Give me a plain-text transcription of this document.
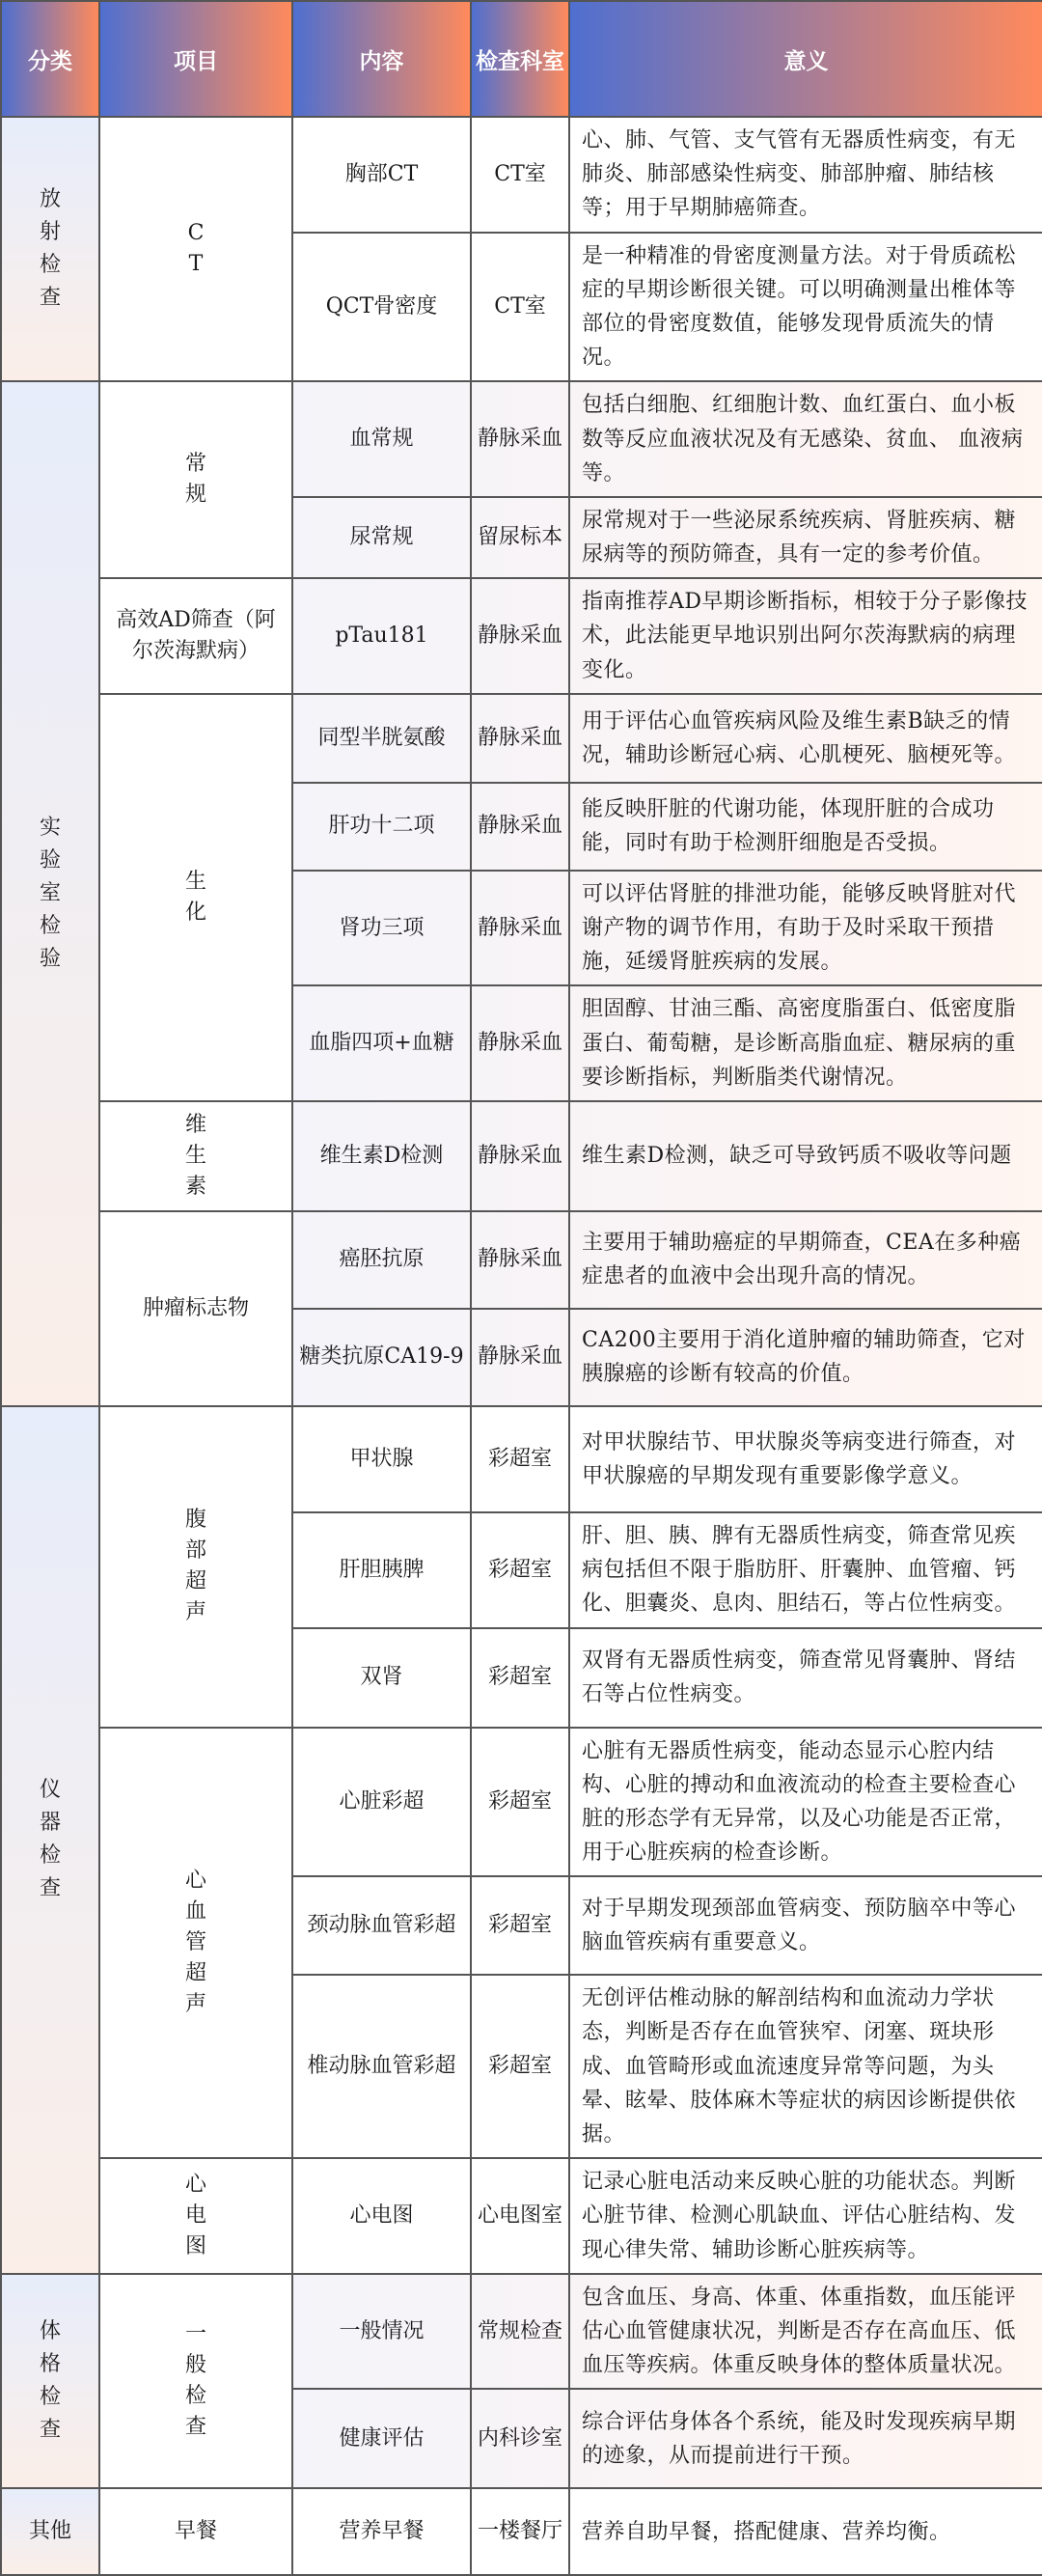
分类	项目	内容	检查科室	意义
放射检查	CT	胸部CT	CT室	心、肺、气管、支气管有无器质性病变，有无肺炎、肺部感染性病变、肺部肿瘤、肺结核等；用于早期肺癌筛查。
		QCT骨密度	CT室	是一种精准的骨密度测量方法。对于骨质疏松症的早期诊断很关键。可以明确测量出椎体等部位的骨密度数值，能够发现骨质流失的情况。
实验室检验	常规	血常规	静脉采血	包括白细胞、红细胞计数、血红蛋白、血小板数等反应血液状况及有无感染、贫血、 血液病等。
		尿常规	留尿标本	尿常规对于一些泌尿系统疾病、肾脏疾病、糖尿病等的预防筛查，具有一定的参考价值。
	高效AD筛查（阿尔茨海默病）	pTau181	静脉采血	指南推荐AD早期诊断指标，相较于分子影像技术，此法能更早地识别出阿尔茨海默病的病理变化。
	生化	同型半胱氨酸	静脉采血	用于评估心血管疾病风险及维生素B缺乏的情况，辅助诊断冠心病、心肌梗死、脑梗死等。
		肝功十二项	静脉采血	能反映肝脏的代谢功能，体现肝脏的合成功能，同时有助于检测肝细胞是否受损。
		肾功三项	静脉采血	可以评估肾脏的排泄功能，能够反映肾脏对代谢产物的调节作用，有助于及时采取干预措施，延缓肾脏疾病的发展。
		血脂四项+血糖	静脉采血	胆固醇、甘油三酯、高密度脂蛋白、低密度脂蛋白、葡萄糖，是诊断高脂血症、糖尿病的重要诊断指标，判断脂类代谢情况。
	维生素	维生素D检测	静脉采血	维生素D检测，缺乏可导致钙质不吸收等问题
	肿瘤标志物	癌胚抗原	静脉采血	主要用于辅助癌症的早期筛查，CEA在多种癌症患者的血液中会出现升高的情况。
		糖类抗原CA19-9	静脉采血	CA200主要用于消化道肿瘤的辅助筛查，它对胰腺癌的诊断有较高的价值。
仪器检查	腹部超声	甲状腺	彩超室	对甲状腺结节、甲状腺炎等病变进行筛查，对甲状腺癌的早期发现有重要影像学意义。
		肝胆胰脾	彩超室	肝、胆、胰、脾有无器质性病变，筛查常见疾病包括但不限于脂肪肝、肝囊肿、血管瘤、钙化、胆囊炎、息肉、胆结石，等占位性病变。
		双肾	彩超室	双肾有无器质性病变，筛查常见肾囊肿、肾结石等占位性病变。
	心血管超声	心脏彩超	彩超室	心脏有无器质性病变，能动态显示心腔内结构、心脏的搏动和血液流动的检查主要检查心脏的形态学有无异常，以及心功能是否正常，用于心脏疾病的检查诊断。
		颈动脉血管彩超	彩超室	对于早期发现颈部血管病变、预防脑卒中等心脑血管疾病有重要意义。
		椎动脉血管彩超	彩超室	无创评估椎动脉的解剖结构和血流动力学状态，判断是否存在血管狭窄、闭塞、斑块形成、血管畸形或血流速度异常等问题，为头晕、眩晕、肢体麻木等症状的病因诊断提供依据。
	心电图	心电图	心电图室	记录心脏电活动来反映心脏的功能状态。判断心脏节律、检测心肌缺血、评估心脏结构、发现心律失常、辅助诊断心脏疾病等。
体格检查	一般检查	一般情况	常规检查	包含血压、身高、体重、体重指数，血压能评估心血管健康状况，判断是否存在高血压、低血压等疾病。体重反映身体的整体质量状况。
		健康评估	内科诊室	综合评估身体各个系统，能及时发现疾病早期的迹象，从而提前进行干预。
其他	早餐	营养早餐	一楼餐厅	营养自助早餐，搭配健康、营养均衡。
